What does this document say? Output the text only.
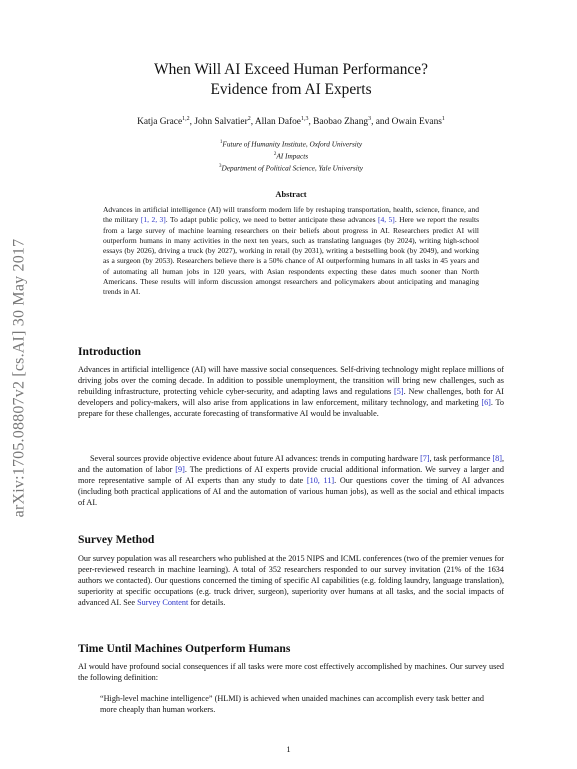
arXiv:1705.08807v2 [cs.AI] 30 May 2017
When Will AI Exceed Human Performance?
Evidence from AI Experts
Katja Grace$^{1,2}$, John Salvatier$^2$, Allan Dafoe$^{1,3}$, Baobao Zhang$^3$, and Owain Evans$^1$
$^1$Future of Humanity Institute, Oxford University
$^2$AI Impacts
$^3$Department of Political Science, Yale University
Abstract
Advances in artificial intelligence (AI) will transform modern life by reshaping transportation, health, science, finance, and the military [1, 2, 3]. To adapt public policy, we need to better anticipate these advances [4, 5]. Here we report the results from a large survey of machine learning researchers on their beliefs about progress in AI. Researchers predict AI will outperform humans in many activities in the next ten years, such as translating languages (by 2024), writing high-school essays (by 2026), driving a truck (by 2027), working in retail (by 2031), writing a bestselling book (by 2049), and working as a surgeon (by 2053). Researchers believe there is a 50% chance of AI outperforming humans in all tasks in 45 years and of automating all human jobs in 120 years, with Asian respondents expecting these dates much sooner than North Americans. These results will inform discussion amongst researchers and policymakers about anticipating and managing trends in AI.
Introduction
Advances in artificial intelligence (AI) will have massive social consequences. Self-driving technology might replace millions of driving jobs over the coming decade. In addition to possible unemployment, the transition will bring new challenges, such as rebuilding infrastructure, protecting vehicle cyber-security, and adapting laws and regulations [5]. New challenges, both for AI developers and policy-makers, will also arise from applications in law enforcement, military technology, and marketing [6]. To prepare for these challenges, accurate forecasting of transformative AI would be invaluable.
Several sources provide objective evidence about future AI advances: trends in computing hardware [7], task performance [8], and the automation of labor [9]. The predictions of AI experts provide crucial additional information. We survey a larger and more representative sample of AI experts than any study to date [10, 11]. Our questions cover the timing of AI advances (including both practical applications of AI and the automation of various human jobs), as well as the social and ethical impacts of AI.
Survey Method
Our survey population was all researchers who published at the 2015 NIPS and ICML conferences (two of the premier venues for peer-reviewed research in machine learning). A total of 352 researchers responded to our survey invitation (21% of the 1634 authors we contacted). Our questions concerned the timing of specific AI capabilities (e.g. folding laundry, language translation), superiority at specific occupations (e.g. truck driver, surgeon), superiority over humans at all tasks, and the social impacts of advanced AI. See Survey Content for details.
Time Until Machines Outperform Humans
AI would have profound social consequences if all tasks were more cost effectively accomplished by machines. Our survey used the following definition:
“High-level machine intelligence” (HLMI) is achieved when unaided machines can accomplish every task better and more cheaply than human workers.
1
